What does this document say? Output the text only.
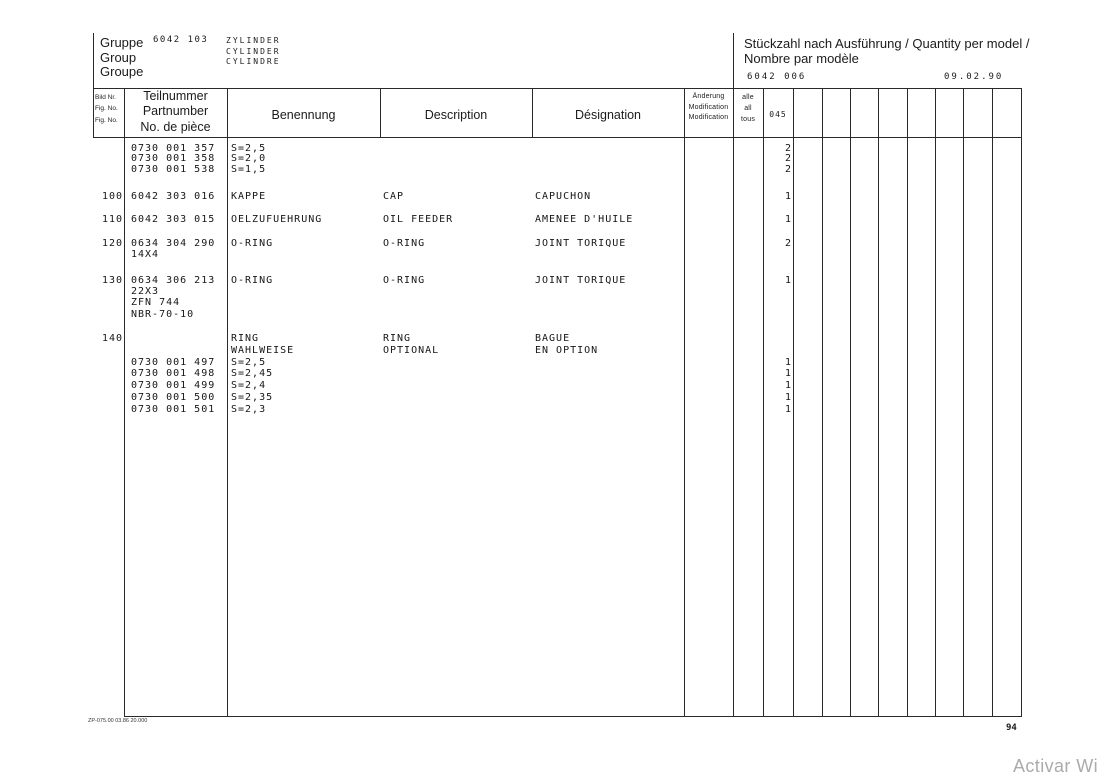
Gruppe
Group
Groupe
6042 103 ZYLINDER
CYLINDER
CYLINDRE
Stückzahl nach Ausführung / Quantity per model /
Nombre par modèle
6042 006	09.02.90
Bild Nr.
Fig. No.
Fig. No.
Teilnummer
Partnumber
No. de pièce
Benennung	Description	Désignation
Änderung
Modification
Modification
alle
all
tous
045
0730 001 357 S=2,5	2
0730 001 358 S=2,0	2
0730 001 538 S=1,5	2
100 6042 303 016 KAPPE	CAP	CAPUCHON	1
110 6042 303 015 OELZUFUEHRUNG	OIL FEEDER	AMENEE D'HUILE	1
120 0634 304 290 O-RING	O-RING	JOINT TORIQUE	2
14X4
130 0634 306 213 O-RING	O-RING	JOINT TORIQUE	1
22X3
ZFN 744
NBR-70-10
140	RING	RING	BAGUE
WAHLWEISE	OPTIONAL	EN OPTION
0730 001 497 S=2,5	1
0730 001 498 S=2,45	1
0730 001 499 S=2,4	1
0730 001 500 S=2,35	1
0730 001 501 S=2,3	1
ZP-075.00 03.86 20.000
94
Activar Wi
